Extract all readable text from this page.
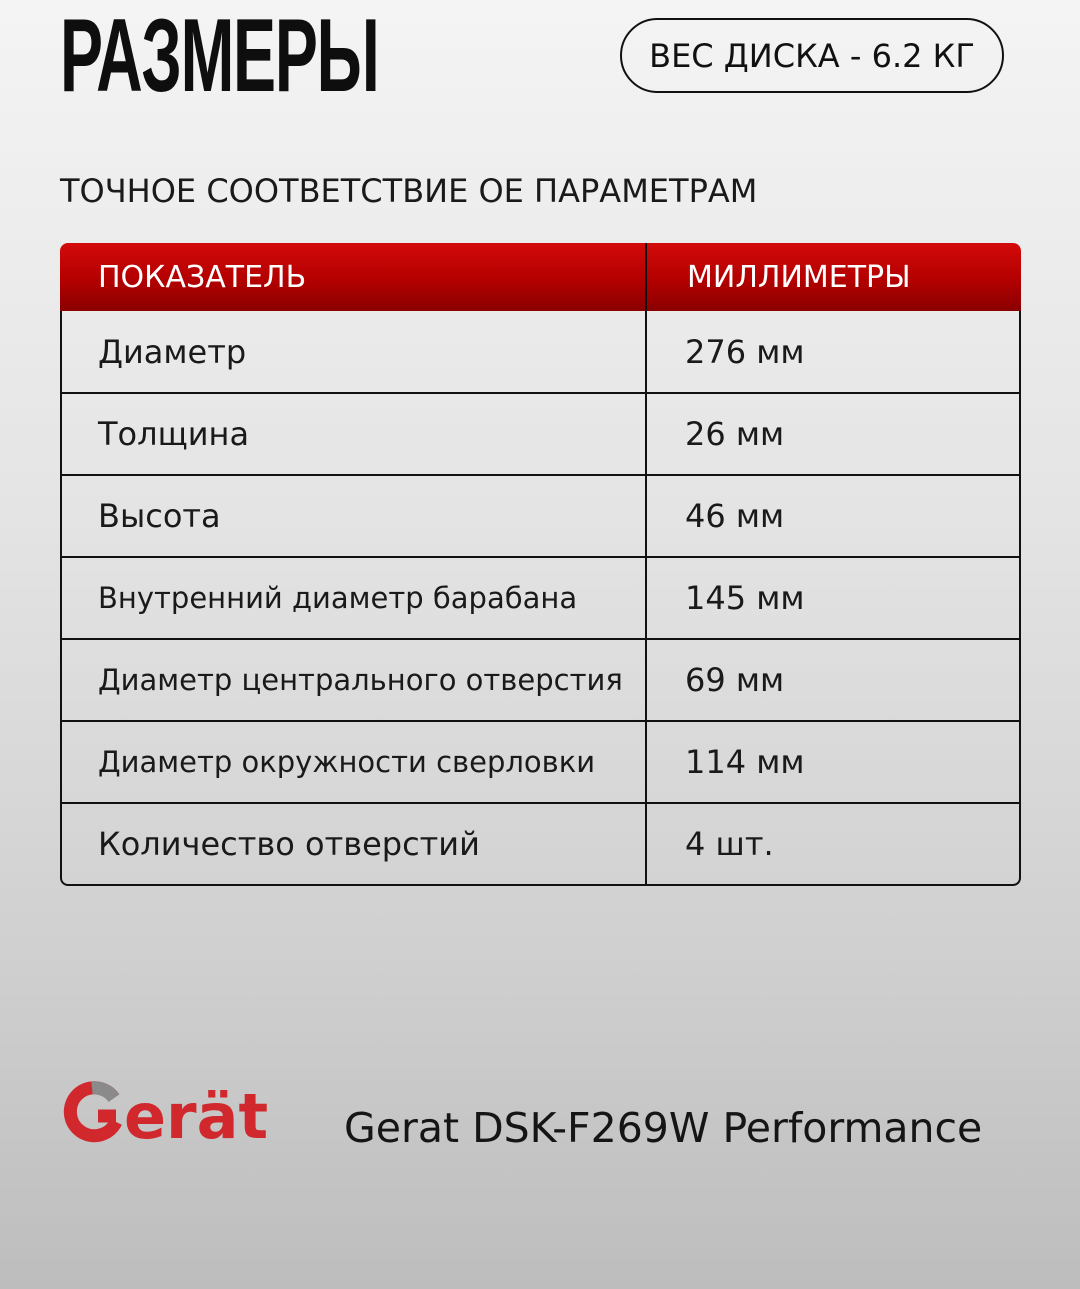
РАЗМЕРЫ	ВЕС ДИСКА - 6.2 КГ
ТОЧНОЕ СООТВЕТСТВИЕ ОЕ ПАРАМЕТРАМ
ПОКАЗАТЕЛЬ	МИЛЛИМЕТРЫ
Диаметр	276 мм
Толщина	26 мм
Высота	46 мм
Внутренний диаметр барабана	145 мм
Диаметр центрального отверстия	69 мм
Диаметр окружности сверловки	114 мм
Количество отверстий	4 шт.
erät Gerat DSK-F269W Performance
